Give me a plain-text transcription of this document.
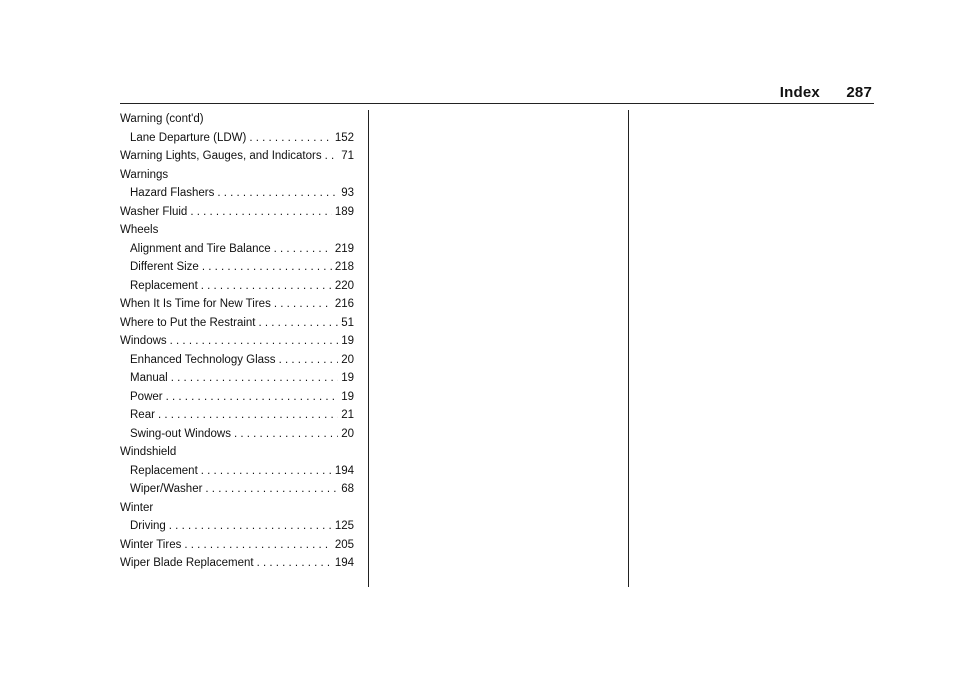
Index 287
Warning (cont'd)
Lane Departure (LDW) . . .	152
Warning Lights, Gauges, and Indicators . . . 71
Warnings
Hazard Flashers . . .	93
Washer Fluid . . .	189
Wheels
Alignment and Tire Balance . . .	219
Different Size . . .	218
Replacement . . .	220
When It Is Time for New Tires . . .	216
Where to Put the Restraint . . .	51
Windows . . .	19
Enhanced Technology Glass . . .	20
Manual . . .	19
Power . . .	19
Rear . . .	21
Swing-out Windows . . .	20
Windshield
Replacement . . .	194
Wiper/Washer . . .	68
Winter
Driving . . .	125
Winter Tires . . .	205
Wiper Blade Replacement . . .	194
